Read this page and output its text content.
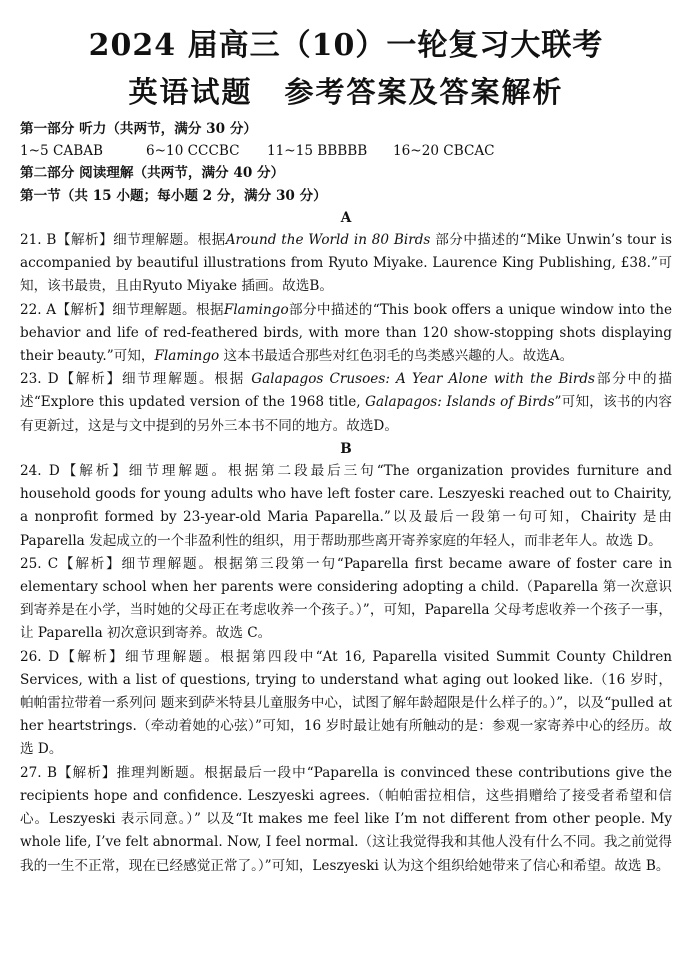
2024 届高三（10）一轮复习大联考
英语试题 参考答案及答案解析
第一部分 听力（共两节，满分 30 分）
1~5 CABAB	6~10 CCCBC	11~15 BBBBB	16~20 CBCAC
第二部分 阅读理解（共两节，满分 40 分）
第一节（共 15 小题；每小题 2 分，满分 30 分）
A

21. B【解析】细节理解题。根据Around the World in 80 Birds 部分中描述的“Mike Unwin’s tour is accompanied by beautiful illustrations from Ryuto Miyake. Laurence King Publishing, £38.”可知，该书最贵，且由Ryuto Miyake 插画。故选B。

22. A【解析】细节理解题。根据Flamingo部分中描述的“This book offers a unique window into the behavior and life of red-feathered birds, with more than 120 show-stopping shots displaying their beauty.”可知，Flamingo 这本书最适合那些对红色羽毛的鸟类感兴趣的人。故选A。

23. D【解析】细节理解题。根据 Galapagos Crusoes: A Year Alone with the Birds部分中的描述“Explore this updated version of the 1968 title, Galapagos: Islands of Birds”可知，该书的内容有更新过，这是与文中提到的另外三本书不同的地方。故选D。

B

24. D【解析】细节理解题。根据第二段最后三句“The organization provides furniture and household goods for young adults who have left foster care. Leszyeski reached out to Chairity, a nonprofit formed by 23-year-old Maria Paparella.”以及最后一段第一句可知，Chairity 是由 Paparella 发起成立的一个非盈利性的组织，用于帮助那些离开寄养家庭的年轻人，而非老年人。故选 D。

25. C【解析】细节理解题。根据第三段第一句“Paparella first became aware of foster care in elementary school when her parents were considering adopting a child.（Paparella 第一次意识到寄养是在小学，当时她的父母正在考虑收养一个孩子。）”，可知，Paparella 父母考虑收养一个孩子一事，让 Paparella 初次意识到寄养。故选 C。

26. D【解析】细节理解题。根据第四段中“At 16, Paparella visited Summit County Children Services, with a list of questions, trying to understand what aging out looked like.（16 岁时，帕帕雷拉带着一系列问 题来到萨米特县儿童服务中心，试图了解年龄超限是什么样子的。）”，以及“pulled at her heartstrings.（牵动着她的心弦）”可知，16 岁时最让她有所触动的是：参观一家寄养中心的经历。故选 D。

27. B【解析】推理判断题。根据最后一段中“Paparella is convinced these contributions give the recipients hope and confidence. Leszyeski agrees.（帕帕雷拉相信，这些捐赠给了接受者希望和信心。Leszyeski 表示同意。）” 以及“It makes me feel like I’m not different from other people. My whole life, I’ve felt abnormal. Now, I feel normal.（这让我觉得我和其他人没有什么不同。我之前觉得我的一生不正常，现在已经感觉正常了。）”可知，Leszyeski 认为这个组织给她带来了信心和希望。故选 B。
